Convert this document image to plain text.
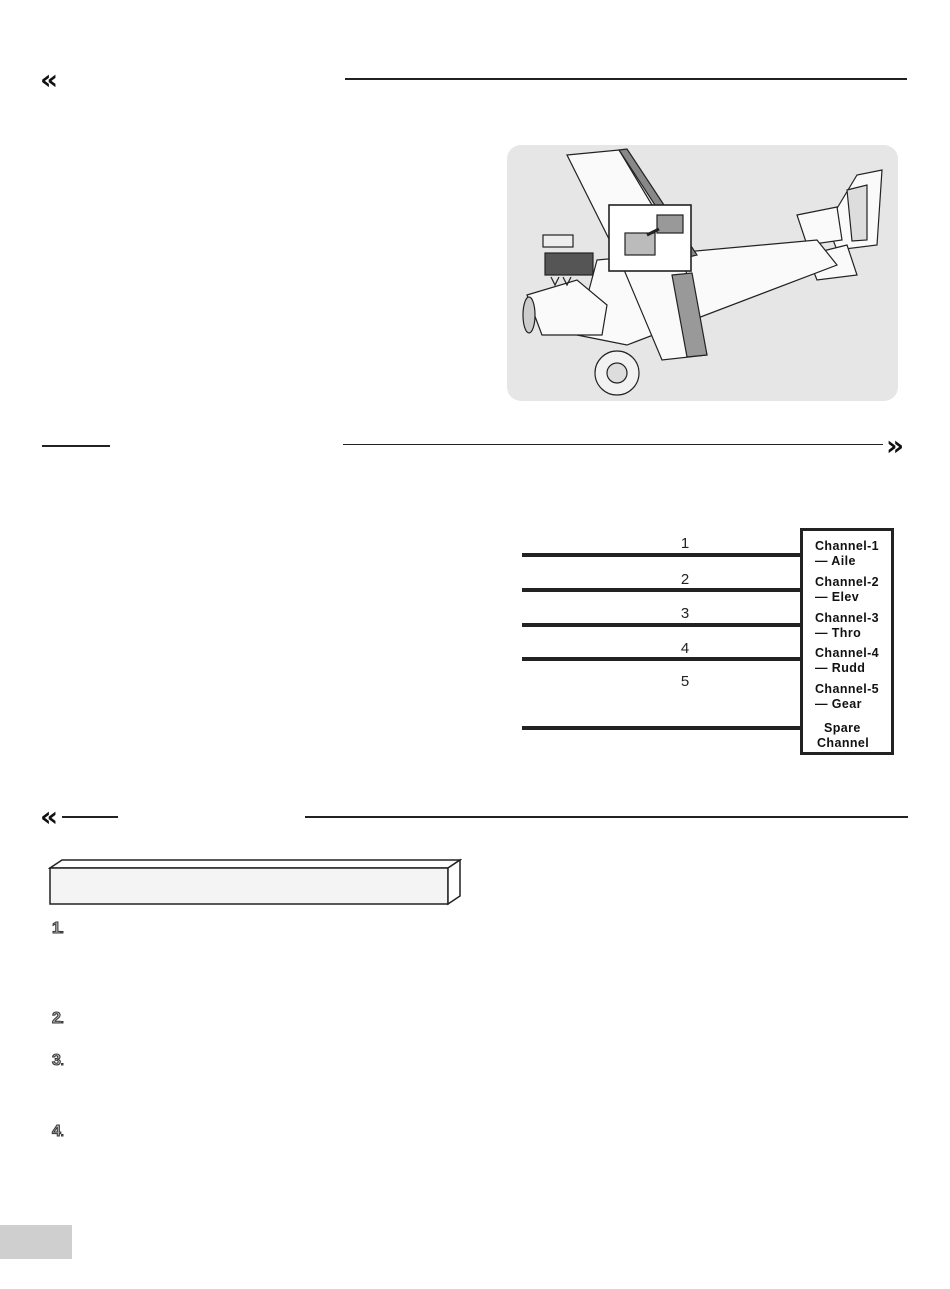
«
»
1
2
3
4
5
Channel-1
— Aile
Channel-2
— Elev
Channel-3
— Thro
Channel-4
— Rudd
Channel-5
— Gear
Spare
Channel
«
1.
2.
3.
4.
